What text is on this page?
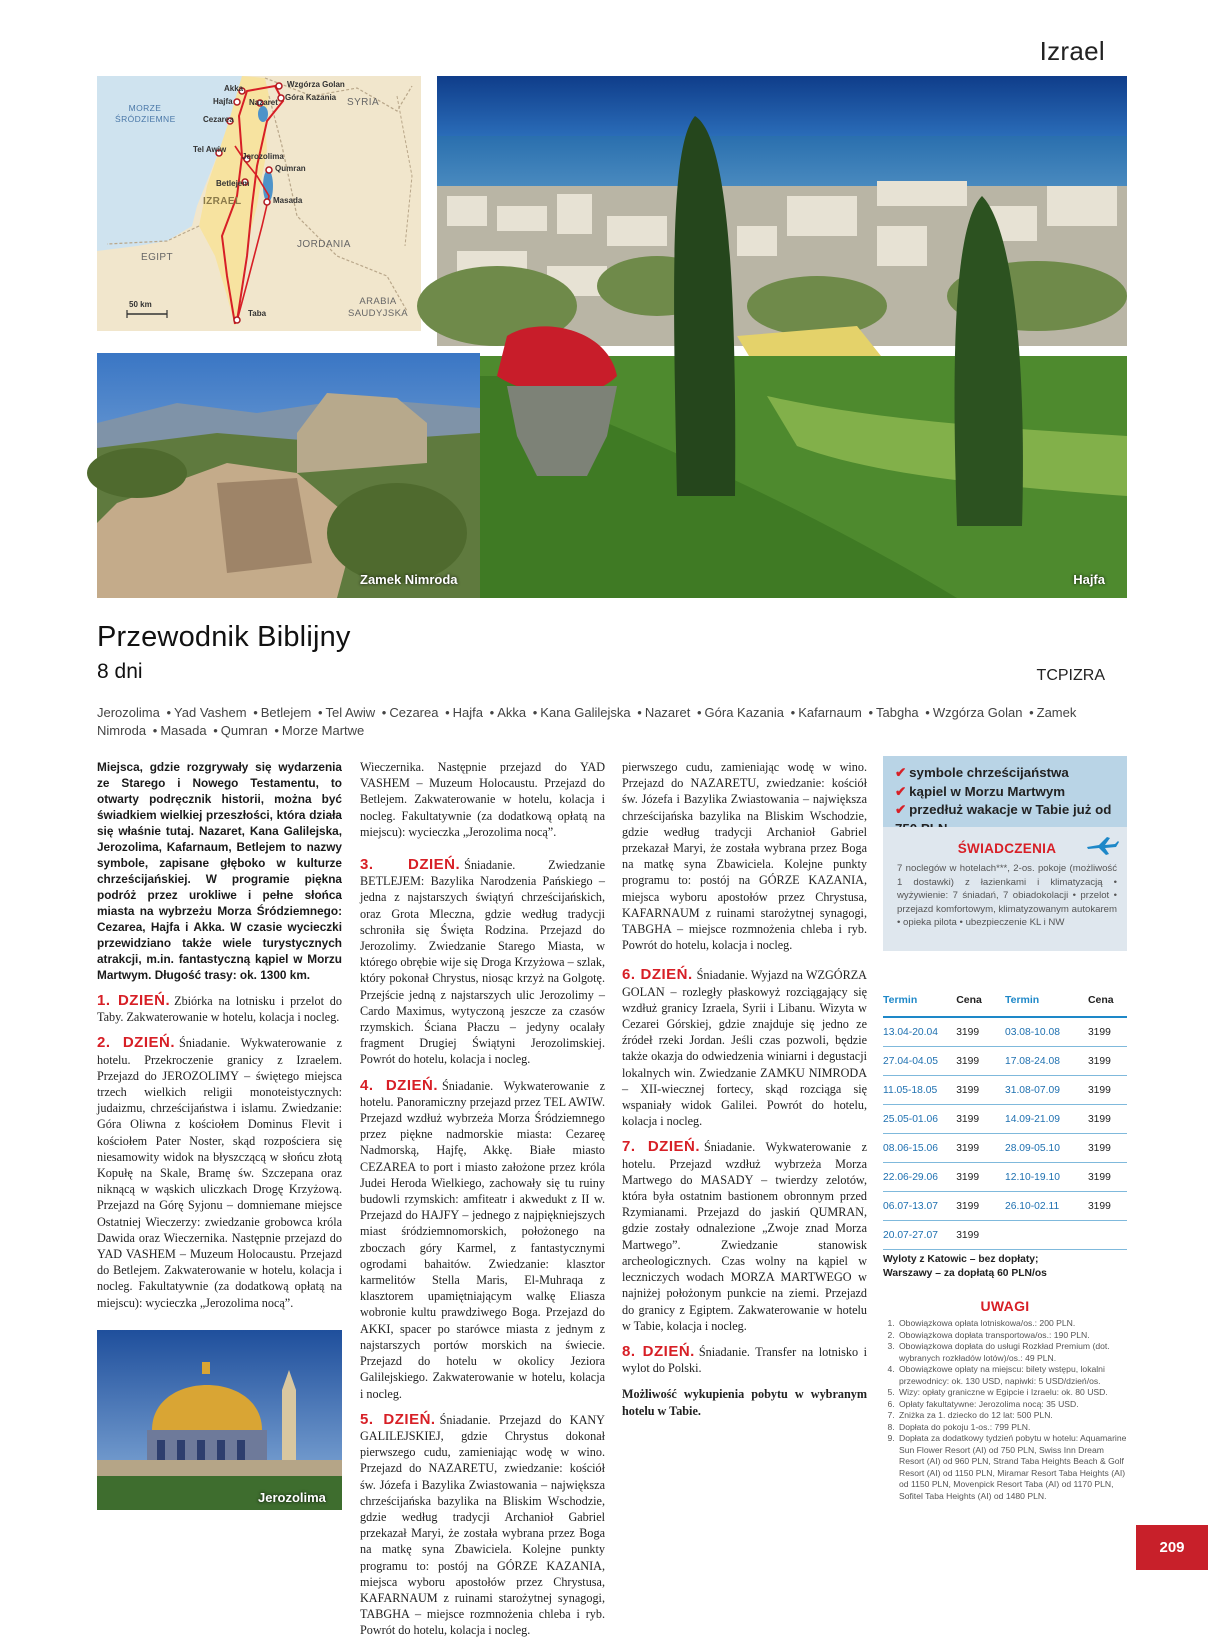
Izrael
Akka
Hajfa Nazaret
Cezarea
Wzgórza Golan
Góra Kazania
Tel Awiw
Jerozolima
Qumran
Betlejem
Masada
Taba
MORZE ŚRÓDZIEMNE
SYRIA
IZRAEL
JORDANIA
EGIPT
ARABIA SAUDYJSKA
50 km
Hajfa
Zamek Nimroda
Przewodnik Biblijny
8 dni	TCPIZRA
Jerozolima • Yad Vashem • Betlejem • Tel Awiw • Cezarea • Hajfa • Akka • Kana Galilejska • Nazaret • Góra Kazania • Kafarnaum • Tabgha • Wzgórza Golan • Zamek Nimroda • Masada • Qumran • Morze Martwe

Miejsca, gdzie rozgrywały się wydarzenia ze Starego i Nowego Testamentu, to otwarty podręcznik historii, można być świadkiem wielkiej przeszłości, która działa się właśnie tutaj. Nazaret, Kana Galilejska, Jerozolima, Kafarnaum, Betlejem to nazwy symbole, zapisane głęboko w kulturze chrześcijańskiej. W programie piękna podróż przez urokliwe i pełne słońca miasta na wybrzeżu Morza Śródziemnego: Cezarea, Hajfa i Akka. W czasie wycieczki przewidziano także wiele turystycznych atrakcji, m.in. fantastyczną kąpiel w Morzu Martwym. Długość trasy: ok. 1300 km.

1. DZIEŃ. Zbiórka na lotnisku i przelot do Taby. Zakwaterowanie w hotelu, kolacja i nocleg.

2. DZIEŃ. Śniadanie. Wykwaterowanie z hotelu. Przekroczenie granicy z Izraelem. Przejazd do JEROZOLIMY – świętego miejsca trzech wielkich religii monoteistycznych: judaizmu, chrześcijaństwa i islamu. Zwiedzanie: Góra Oliwna z kościołem Dominus Flevit i kościołem Pater Noster, skąd rozpościera się niesamowity widok na błyszczącą w słońcu złotą Kopułę na Skale, Bramę św. Szczepana oraz niknącą w wąskich uliczkach Drogę Krzyżową. Przejazd na Górę Syjonu – domniemane miejsce Ostatniej Wieczerzy: zwiedzanie grobowca króla Dawida oraz Wieczernika. Następnie przejazd do YAD VASHEM – Muzeum Holocaustu. Przejazd do Betlejem. Zakwaterowanie w hotelu, kolacja i nocleg. Fakultatywnie (za dodatkową opłatą na miejscu): wycieczka „Jerozolima nocą”.

Jerozolima

Wieczernika. Następnie przejazd do YAD VASHEM – Muzeum Holocaustu. Przejazd do Betlejem. Zakwaterowanie w hotelu, kolacja i nocleg. Fakultatywnie (za dodatkową opłatą na miejscu): wycieczka „Jerozolima nocą”.

3. DZIEŃ. Śniadanie. Zwiedzanie BETLEJEM: Bazylika Narodzenia Pańskiego – jedna z najstarszych świątyń chrześcijańskich, oraz Grota Mleczna, gdzie według tradycji schroniła się Święta Rodzina. Przejazd do Jerozolimy. Zwiedzanie Starego Miasta, w którego obrębie wije się Droga Krzyżowa – szlak, który pokonał Chrystus, niosąc krzyż na Golgotę. Przejście jedną z najstarszych ulic Jerozolimy – Cardo Maximus, wytyczoną jeszcze za czasów rzymskich. Ściana Płaczu – jedyny ocalały fragment Drugiej Świątyni Jerozolimskiej. Powrót do hotelu, kolacja i nocleg.

4. DZIEŃ. Śniadanie. Wykwaterowanie z hotelu. Panoramiczny przejazd przez TEL AWIW. Przejazd wzdłuż wybrzeża Morza Śródziemnego przez piękne nadmorskie miasta: Cezareę Nadmorską, Hajfę, Akkę. Białe miasto CEZAREA to port i miasto założone przez króla Judei Heroda Wielkiego, zachowały się tu ruiny budowli rzymskich: amfiteatr i akwedukt z II w. Przejazd do HAJFY – jednego z najpiękniejszych miast śródziemnomorskich, położonego na zboczach góry Karmel, z fantastycznymi ogrodami bahaitów. Zwiedzanie: klasztor karmelitów Stella Maris, El-Muhraqa z klasztorem upamiętniającym walkę Eliasza wobronie kultu prawdziwego Boga. Przejazd do AKKI, spacer po starówce miasta z jednym z najstarszych portów morskich na świecie. Przejazd do hotelu w okolicy Jeziora Galilejskiego. Zakwaterowanie w hotelu, kolacja i nocleg.

5. DZIEŃ. Śniadanie. Przejazd do KANY GALILEJSKIEJ, gdzie Chrystus dokonał pierwszego cudu, zamieniając wodę w wino. Przejazd do NAZARETU, zwiedzanie: kościół św. Józefa i Bazylika Zwiastowania – największa chrześcijańska bazylika na Bliskim Wschodzie, gdzie według tradycji Archanioł Gabriel przekazał Maryi, że została wybrana przez Boga na matkę syna Zbawiciela. Kolejne punkty programu to: postój na GÓRZE KAZANIA, miejsca wyboru apostołów przez Chrystusa, KAFARNAUM z ruinami starożytnej synagogi, TABGHA – miejsce rozmnożenia chleba i ryb. Powrót do hotelu, kolacja i nocleg.

pierwszego cudu, zamieniając wodę w wino. Przejazd do NAZARETU, zwiedzanie: kościół św. Józefa i Bazylika Zwiastowania – największa chrześcijańska bazylika na Bliskim Wschodzie, gdzie według tradycji Archanioł Gabriel przekazał Maryi, że została wybrana przez Boga na matkę syna Zbawiciela. Kolejne punkty programu to: postój na GÓRZE KAZANIA, miejsca wyboru apostołów przez Chrystusa, KAFARNAUM z ruinami starożytnej synagogi, TABGHA – miejsce rozmnożenia chleba i ryb. Powrót do hotelu, kolacja i nocleg.

6. DZIEŃ. Śniadanie. Wyjazd na WZGÓRZA GOLAN – rozległy płaskowyż rozciągający się wzdłuż granicy Izraela, Syrii i Libanu. Wizyta w Cezarei Górskiej, gdzie znajduje się jedno ze źródeł rzeki Jordan. Jeśli czas pozwoli, będzie także okazja do odwiedzenia winiarni i degustacji lokalnych win. Zwiedzanie ZAMKU NIMRODA – XII-wiecznej fortecy, skąd rozciąga się wspaniały widok Galilei. Powrót do hotelu, kolacja i nocleg.

7. DZIEŃ. Śniadanie. Wykwaterowanie z hotelu. Przejazd wzdłuż wybrzeża Morza Martwego do MASADY – twierdzy zelotów, która była ostatnim bastionem obronnym przed Rzymianami. Przejazd do jaskiń QUMRAN, gdzie zostały odnalezione „Zwoje znad Morza Martwego”. Zwiedzanie stanowisk archeologicznych. Czas wolny na kąpiel w leczniczych wodach MORZA MARTWEGO w najniżej położonym punkcie na ziemi. Przejazd do granicy z Egiptem. Zakwaterowanie w hotelu w Tabie, kolacja i nocleg.

8. DZIEŃ. Śniadanie. Transfer na lotnisko i wylot do Polski.

Możliwość wykupienia pobytu w wybranym hotelu w Tabie.

✔ symbole chrześcijaństwa
✔ kąpiel w Morzu Martwym
✔ przedłuż wakacje w Tabie już od
ŚWIADCZENIA
7 noclegów w hotelach***, 2-os. pokoje (możliwość 1 dostawki) z łazienkami i klimatyzacją • wyżywienie: 7 śniadań, 7 obiadokolacji • przelot • przejazd komfortowym, klimatyzowanym autokarem • opieka pilota • ubezpieczenie KL i NW
Termin	Cena	Termin	Cena
13.04-20.04	3199	03.08-10.08	3199
27.04-04.05	3199	17.08-24.08	3199
11.05-18.05	3199	31.08-07.09	3199
25.05-01.06	3199	14.09-21.09	3199
08.06-15.06	3199	28.09-05.10	3199
22.06-29.06	3199	12.10-19.10	3199
06.07-13.07	3199	26.10-02.11	3199
20.07-27.07	3199		
Wyloty z Katowic – bez dopłaty;
Warszawy – za dopłatą 60 PLN/os
UWAGI
1. Obowiązkowa opłata lotniskowa/os.: 200 PLN.
2. Obowiązkowa dopłata transportowa/os.: 190 PLN.
3. Obowiązkowa dopłata do usługi Rozkład Premium (dot. wybranych rozkładów lotów)/os.: 49 PLN.
4. Obowiązkowe opłaty na miejscu: bilety wstępu, lokalni przewodnicy: ok. 130 USD, napiwki: 5 USD/dzień/os.
5. Wizy: opłaty graniczne w Egipcie i Izraelu: ok. 80 USD.
6. Opłaty fakultatywne: Jerozolima nocą: 35 USD.
7. Zniżka za 1. dziecko do 12 lat: 500 PLN.
8. Dopłata do pokoju 1-os.: 799 PLN.
9. Dopłata za dodatkowy tydzień pobytu w hotelu: Aquamarine Sun Flower Resort (AI) od 750 PLN, Swiss Inn Dream Resort (AI) od 960 PLN, Strand Taba Heights Beach & Golf Resort (AI) od 1150 PLN, Miramar Resort Taba Heights (AI) od 1150 PLN, Movenpick Resort Taba (AI) od 1170 PLN, Sofitel Taba Heights (AI) od 1480 PLN.
209
